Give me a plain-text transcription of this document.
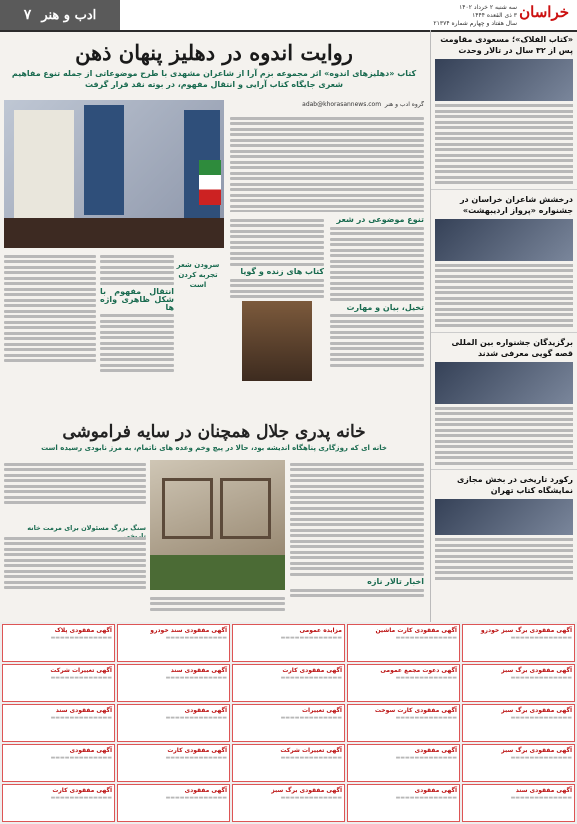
ادب و هنر
۷	خراسان
سه شنبه ۲ خرداد ۱۴۰۲
۳ ذی القعده ۱۴۴۴
سال هفتاد و چهارم شماره ۲۱۳۷۴
«کتاب الفلاک»؛ مسعودی مقاومت پس از ۳۲ سال در تالار وحدت
درخشش شاعران خراسان در جشنواره «پرواز اردیبهشت»
برگزیدگان جشنواره بین المللی قصه گویی معرفی شدند
رکورد تاریخی در بخش مجازی نمایشگاه کتاب تهران
روایت اندوه در دهلیز پنهان ذهن
کتاب «دهلیزهای اندوه» اثر مجموعه بزم آرا از شاعران مشهدی با طرح موضوعاتی از جمله تنوع مفاهیم شعری جایگاه کتاب آرایی و انتقال مفهوم، در بوته نقد قرار گرفت
گروه ادب و هنر  adab@khorasannews.com
تنوع موضوعی در شعر
تخیل، بیان و مهارت
کتاب های زنده و گویا
سرودن شعر تجربه کردن است
انتقال مفهوم با شکل ظاهری واژه ها
خانه پدری جلال همچنان در سایه فراموشی
خانه ای که روزگاری پناهگاه اندیشه بود، حالا در پیچ وخم وعده های ناتمام، به مرز نابودی رسیده است
اخبار تالار نازه
سنگ بزرگ مسئولان برای مرمت خانه
آگهی مفقودی برگ سبز خودرو
▬▬▬▬▬▬▬▬▬▬▬▬▬
آگهی مفقودی کارت ماشین
▬▬▬▬▬▬▬▬▬▬▬▬▬
مزایده عمومی
▬▬▬▬▬▬▬▬▬▬▬▬▬
آگهی مفقودی سند خودرو
▬▬▬▬▬▬▬▬▬▬▬▬▬
آگهی مفقودی پلاک
▬▬▬▬▬▬▬▬▬▬▬▬▬
آگهی مفقودی برگ سبز
▬▬▬▬▬▬▬▬▬▬▬▬▬
آگهی دعوت مجمع عمومی
▬▬▬▬▬▬▬▬▬▬▬▬▬
آگهی مفقودی کارت
▬▬▬▬▬▬▬▬▬▬▬▬▬
آگهی مفقودی سند
▬▬▬▬▬▬▬▬▬▬▬▬▬
آگهی تغییرات شرکت
▬▬▬▬▬▬▬▬▬▬▬▬▬
آگهی مفقودی برگ سبز
▬▬▬▬▬▬▬▬▬▬▬▬▬
آگهی مفقودی کارت سوخت
▬▬▬▬▬▬▬▬▬▬▬▬▬
آگهی تغییرات
▬▬▬▬▬▬▬▬▬▬▬▬▬
آگهی مفقودی
▬▬▬▬▬▬▬▬▬▬▬▬▬
آگهی مفقودی سند
▬▬▬▬▬▬▬▬▬▬▬▬▬
آگهی مفقودی برگ سبز
▬▬▬▬▬▬▬▬▬▬▬▬▬
آگهی مفقودی
▬▬▬▬▬▬▬▬▬▬▬▬▬
آگهی تغییرات شرکت
▬▬▬▬▬▬▬▬▬▬▬▬▬
آگهی مفقودی کارت
▬▬▬▬▬▬▬▬▬▬▬▬▬
آگهی مفقودی
▬▬▬▬▬▬▬▬▬▬▬▬▬
آگهی مفقودی سند
▬▬▬▬▬▬▬▬▬▬▬▬▬
آگهی مفقودی
▬▬▬▬▬▬▬▬▬▬▬▬▬
آگهی مفقودی برگ سبز
▬▬▬▬▬▬▬▬▬▬▬▬▬
آگهی مفقودی
▬▬▬▬▬▬▬▬▬▬▬▬▬
آگهی مفقودی کارت
▬▬▬▬▬▬▬▬▬▬▬▬▬
